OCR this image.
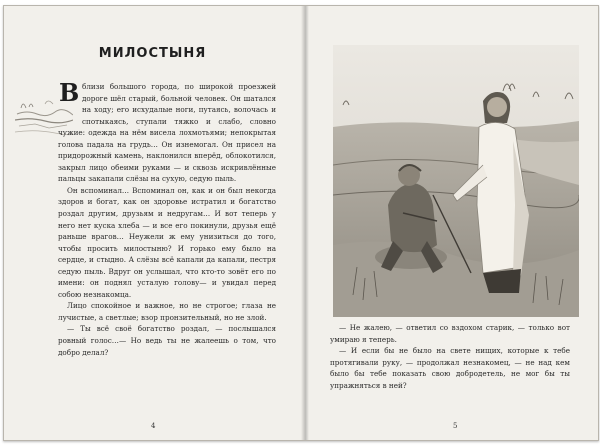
МИЛОСТЫНЯ

близи большого города, по широкой проезжей дороге шёл старый, больной человек. Он шатался на ходу; его исхудалые ноги, путаясь, волочась и спотыкаясь, ступали тяжко и слабо, словно чужие: одежда на нём висела лохмотьями; непокрытая голова падала на грудь… Он изнемогал. Он присел на придорожный камень, наклонился вперёд, облокотился, закрыл лицо обеими руками — и сквозь искривлённые пальцы закапали слёзы на сухую, седую пыль.

Он вспоминал… Вспоминал он, как и он был некогда здоров и богат, как он здоровье истратил и богатство роздал другим, друзьям и недругам… И вот теперь у него нет куска хлеба — и все его покинули, друзья ещё раньше врагов… Неужели ж ему унизиться до того, чтобы просить милостыню? И горько ему было на сердце, и стыдно. А слёзы всё капали да капали, пестря седую пыль. Вдруг он услышал, что кто-то зовёт его по имени: он поднял усталую голову— и увидал перед собою незнакомца.

Лицо спокойное и важное, но не строгое; глаза не лучистые, а светлые; взор пронзительный, но не злой.

— Ты всё своё богатство роздал, — послышался ровный голос…— Но ведь ты не жалеешь о том, что добро делал?

В
4	5

— Не жалею, — ответил со вздохом старик, — только вот умираю я теперь.

— И если бы не было на свете нищих, которые к тебе протягивали руку, — продолжал незнакомец, — не над кем было бы тебе показать свою добродетель, не мог бы ты упражняться в ней?
